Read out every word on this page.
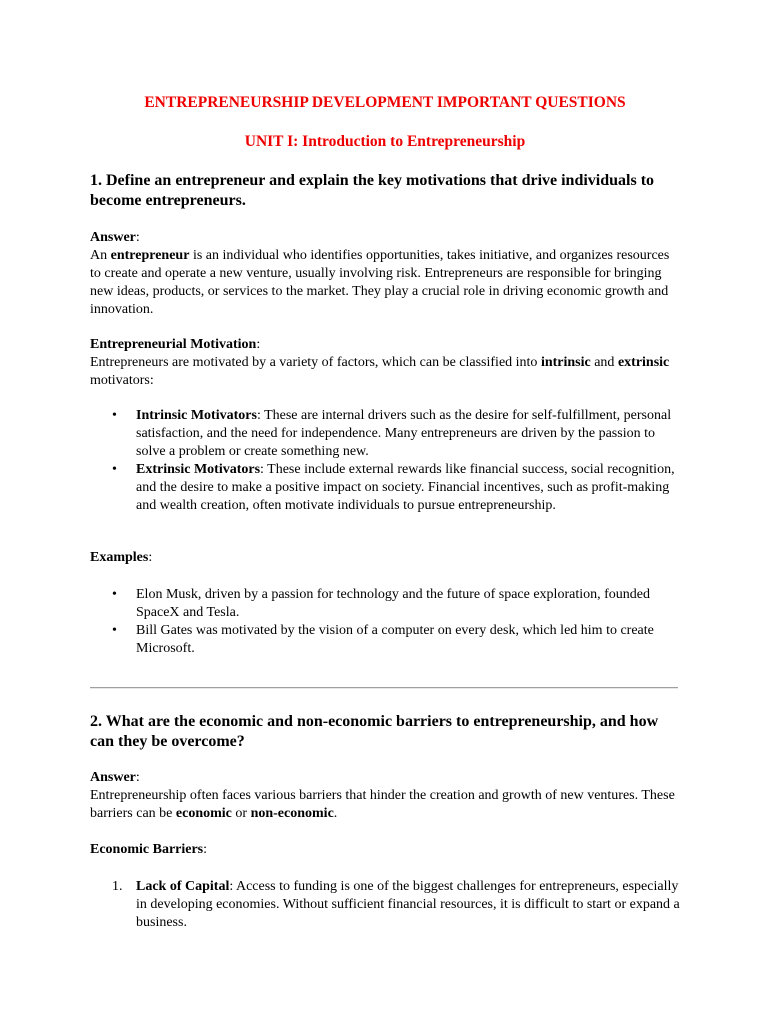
ENTREPRENEURSHIP DEVELOPMENT IMPORTANT QUESTIONS
UNIT I: Introduction to Entrepreneurship
1. Define an entrepreneur and explain the key motivations that drive individuals to become entrepreneurs.

Answer:

An entrepreneur is an individual who identifies opportunities, takes initiative, and organizes resources to create and operate a new venture, usually involving risk. Entrepreneurs are responsible for bringing new ideas, products, or services to the market. They play a crucial role in driving economic growth and innovation.

Entrepreneurial Motivation:

Entrepreneurs are motivated by a variety of factors, which can be classified into intrinsic and extrinsic motivators:

• Intrinsic Motivators: These are internal drivers such as the desire for self-fulfillment, personal satisfaction, and the need for independence. Many entrepreneurs are driven by the passion to solve a problem or create something new.
• Extrinsic Motivators: These include external rewards like financial success, social recognition, and the desire to make a positive impact on society. Financial incentives, such as profit-making and wealth creation, often motivate individuals to pursue entrepreneurship.

Examples:

• Elon Musk, driven by a passion for technology and the future of space exploration, founded SpaceX and Tesla.
• Bill Gates was motivated by the vision of a computer on every desk, which led him to create Microsoft.
2. What are the economic and non-economic barriers to entrepreneurship, and how can they be overcome?

Answer:

Entrepreneurship often faces various barriers that hinder the creation and growth of new ventures. These barriers can be economic or non-economic.

Economic Barriers:

1. Lack of Capital: Access to funding is one of the biggest challenges for entrepreneurs, especially in developing economies. Without sufficient financial resources, it is difficult to start or expand a business.
